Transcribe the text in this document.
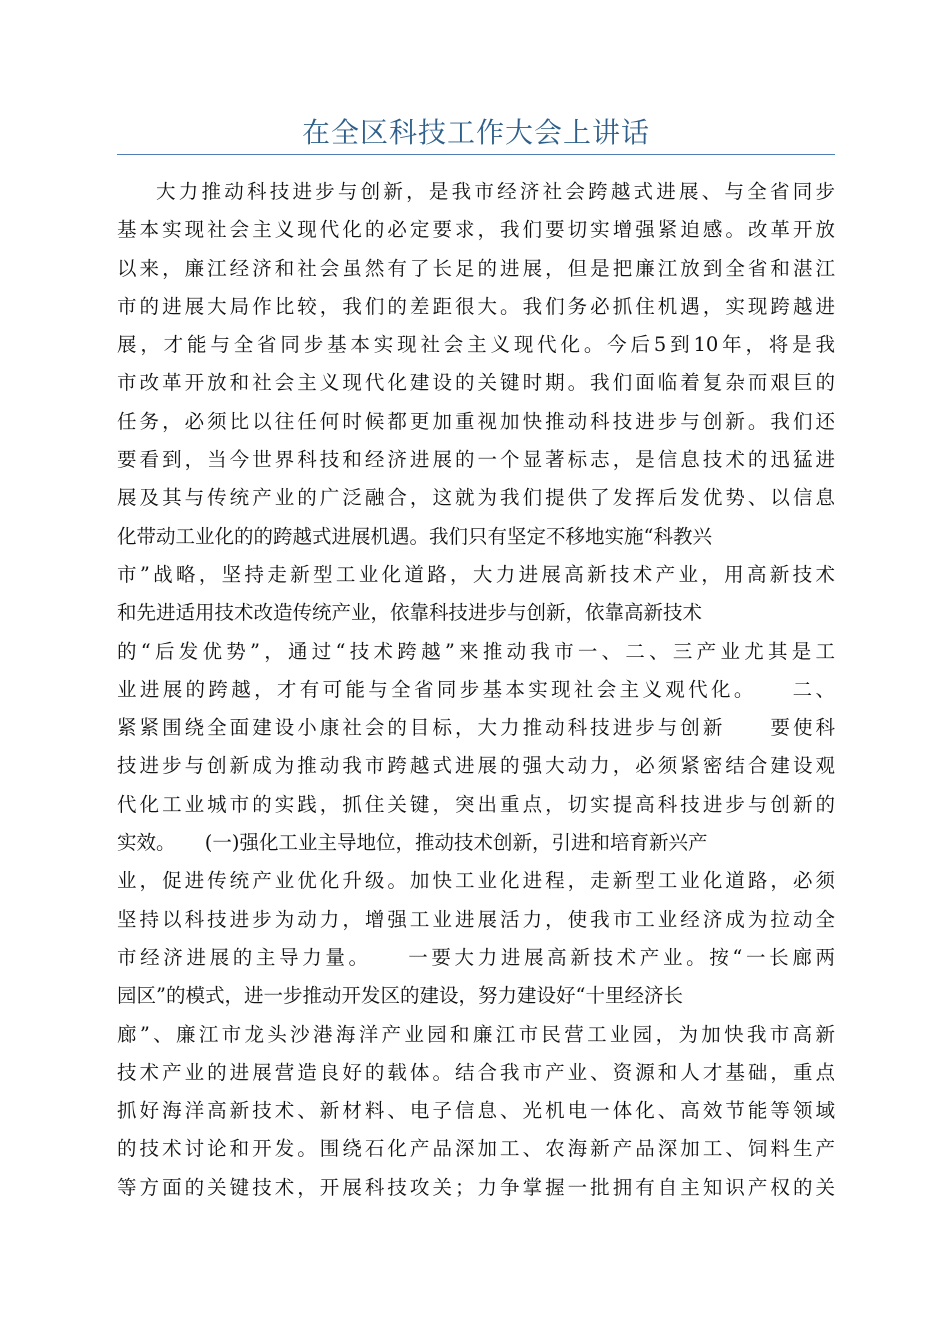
在全区科技工作大会上讲话
大力推动科技进步与创新，是我市经济社会跨越式进展、与全省同步
基本实现社会主义现代化的必定要求，我们要切实增强紧迫感。改革开放
以来，廉江经济和社会虽然有了长足的进展，但是把廉江放到全省和湛江
市的进展大局作比较，我们的差距很大。我们务必抓住机遇，实现跨越进
展，才能与全省同步基本实现社会主义现代化。今后5到10年，将是我
市改革开放和社会主义现代化建设的关键时期。我们面临着复杂而艰巨的
任务，必须比以往任何时候都更加重视加快推动科技进步与创新。我们还
要看到，当今世界科技和经济进展的一个显著标志，是信息技术的迅猛进
展及其与传统产业的广泛融合，这就为我们提供了发挥后发优势、以信息
化带动工业化的的跨越式进展机遇。我们只有坚定不移地实施“科教兴
市”战略，坚持走新型工业化道路，大力进展高新技术产业，用高新技术
和先进适用技术改造传统产业，依靠科技进步与创新，依靠高新技术
的“后发优势”，通过“技术跨越”来推动我市一、二、三产业尤其是工
业进展的跨越，才有可能与全省同步基本实现社会主义观代化。　　二、
紧紧围绕全面建设小康社会的目标，大力推动科技进步与创新　　要使科
技进步与创新成为推动我市跨越式进展的强大动力，必须紧密结合建设观
代化工业城市的实践，抓住关键，突出重点，切实提高科技进步与创新的
实效。　　(一)强化工业主导地位，推动技术创新，引进和培育新兴产
业，促进传统产业优化升级。加快工业化进程，走新型工业化道路，必须
坚持以科技进步为动力，增强工业进展活力，使我市工业经济成为拉动全
市经济进展的主导力量。　　一要大力进展高新技术产业。按“一长廊两
园区”的模式，进一步推动开发区的建设，努力建设好“十里经济长
廊”、廉江市龙头沙港海洋产业园和廉江市民营工业园，为加快我市高新
技术产业的进展营造良好的载体。结合我市产业、资源和人才基础，重点
抓好海洋高新技术、新材料、电子信息、光机电一体化、高效节能等领域
的技术讨论和开发。围绕石化产品深加工、农海新产品深加工、饲料生产
等方面的关键技术，开展科技攻关；力争掌握一批拥有自主知识产权的关
